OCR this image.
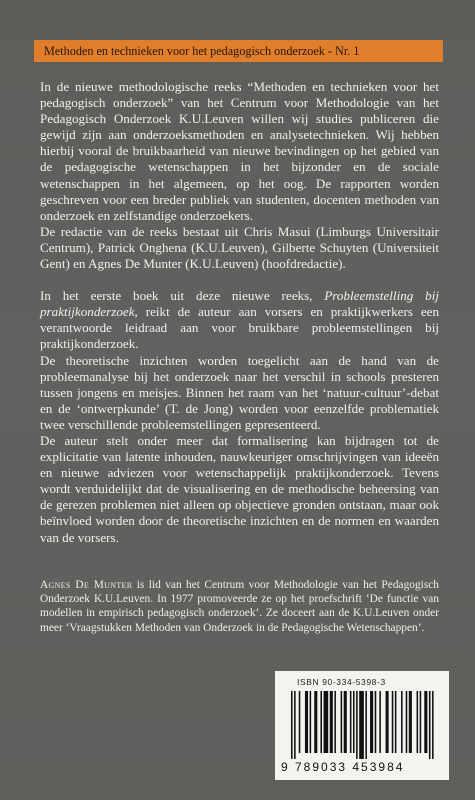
Methoden en technieken voor het pedagogisch onderzoek - Nr. 1

In de nieuwe methodologische reeks “Methoden en technieken voor het pedagogisch onderzoek” van het Centrum voor Methodologie van het Pedagogisch Onderzoek K.U.Leuven willen wij studies publiceren die gewijd zijn aan onderzoeksmethoden en analysetechnieken. Wij hebben hierbij vooral de bruikbaarheid van nieuwe bevindingen op het gebied van de pedagogische wetenschappen in het bijzonder en de sociale wetenschappen in het algemeen, op het oog. De rapporten worden geschreven voor een breder publiek van studenten, docenten methoden van onderzoek en zelfstandige onderzoekers.

De redactie van de reeks bestaat uit Chris Masui (Limburgs Universitair Centrum), Patrick Onghena (K.U.Leuven), Gilberte Schuyten (Universiteit Gent) en Agnes De Munter (K.U.Leuven) (hoofdredactie).

In het eerste boek uit deze nieuwe reeks, Probleemstelling bij praktijkonderzoek, reikt de auteur aan vorsers en praktijkwerkers een verantwoorde leidraad aan voor bruikbare probleemstellingen bij praktijkonderzoek.

De theoretische inzichten worden toegelicht aan de hand van de probleemanalyse bij het onderzoek naar het verschil in schools presteren tussen jongens en meisjes. Binnen het raam van het ‘natuur-cultuur’-debat en de ‘ontwerpkunde’ (T. de Jong) worden voor eenzelfde problematiek twee verschillende probleemstellingen gepresenteerd.

De auteur stelt onder meer dat formalisering kan bijdragen tot de explicitatie van latente inhouden, nauwkeuriger omschrijvingen van ideeën en nieuwe adviezen voor wetenschappelijk praktijkonderzoek. Tevens wordt verduidelijkt dat de visualisering en de methodische beheersing van de gerezen problemen niet alleen op objectieve gronden ontstaan, maar ook beïnvloed worden door de theoretische inzichten en de normen en waarden van de vorsers.

Agnes De Munter is lid van het Centrum voor Methodologie van het Pedagogisch Onderzoek K.U.Leuven. In 1977 promoveerde ze op het proefschrift ‘De functie van modellen in empirisch pedagogisch onderzoek’. Ze doceert aan de K.U.Leuven onder meer ‘Vraagstukken Methoden van Onderzoek in de Pedagogische Wetenschappen’.
ISBN 90-334-5398-3
9 789033 453984
